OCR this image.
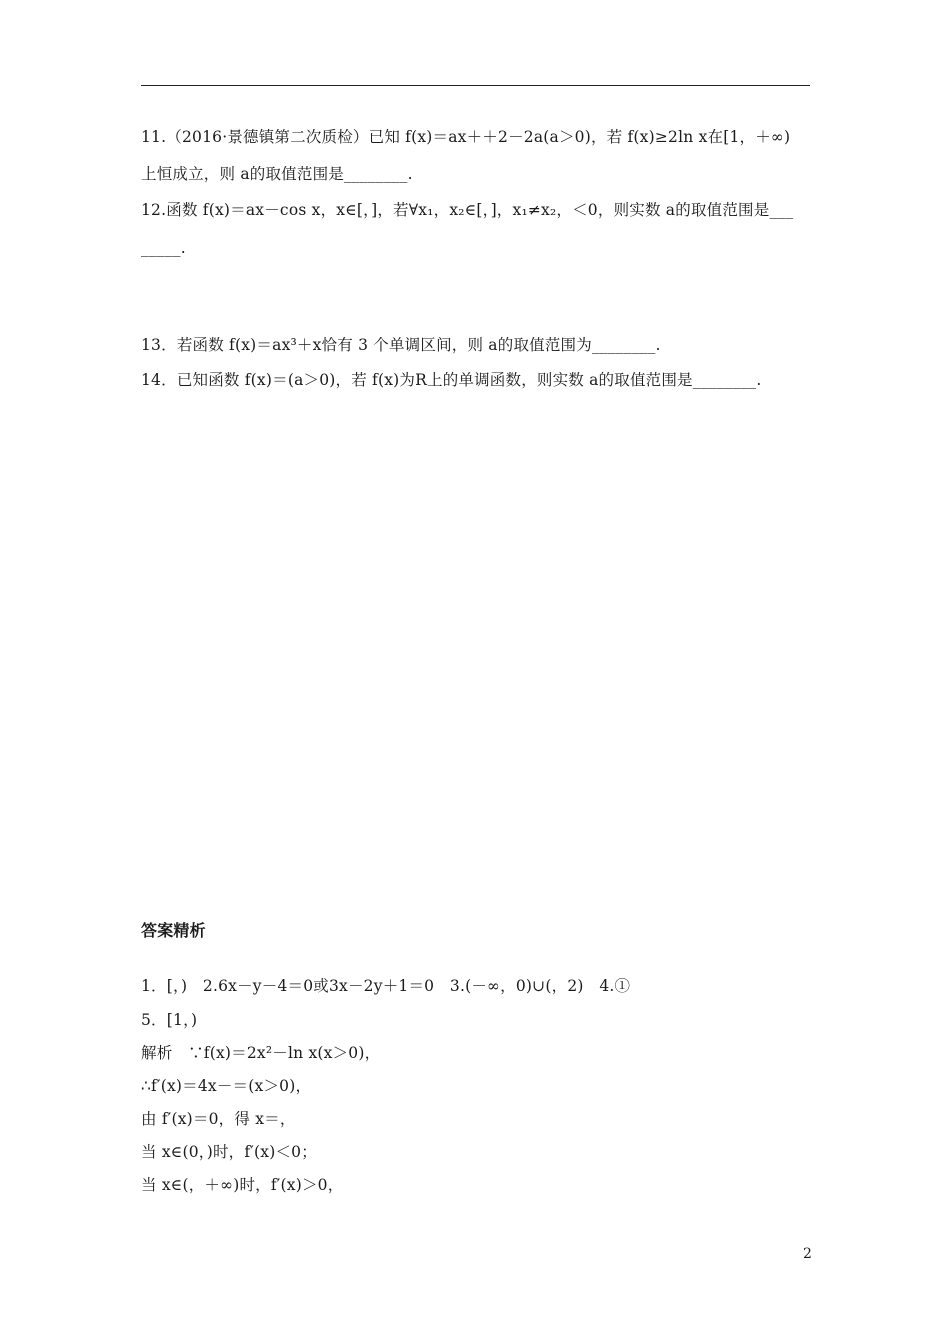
11.（2016·景德镇第二次质检）已知 f(x)＝ax＋＋2－2a(a＞0)，若 f(x)≥2ln x在[1，＋∞)
上恒成立，则 a的取值范围是________.
12.函数 f(x)＝ax－cos x，x∈[，]，若∀x₁，x₂∈[，]，x₁≠x₂，＜0，则实数 a的取值范围是___
_____.
13．若函数 f(x)＝ax³＋x恰有 3 个单调区间，则 a的取值范围为________.
14．已知函数 f(x)＝(a＞0)，若 f(x)为R上的单调函数，则实数 a的取值范围是________.
答案精析
1．[，)　2.6x－y－4＝0或3x－2y＋1＝0　3.(－∞，0)∪(，2)　4.①
5．[1，)
解析　∵f(x)＝2x²－ln x(x＞0)，
∴f′(x)＝4x－＝(x＞0)，
由 f′(x)＝0，得 x＝，
当 x∈(0，)时，f′(x)＜0；
当 x∈(，＋∞)时，f′(x)＞0，
2
